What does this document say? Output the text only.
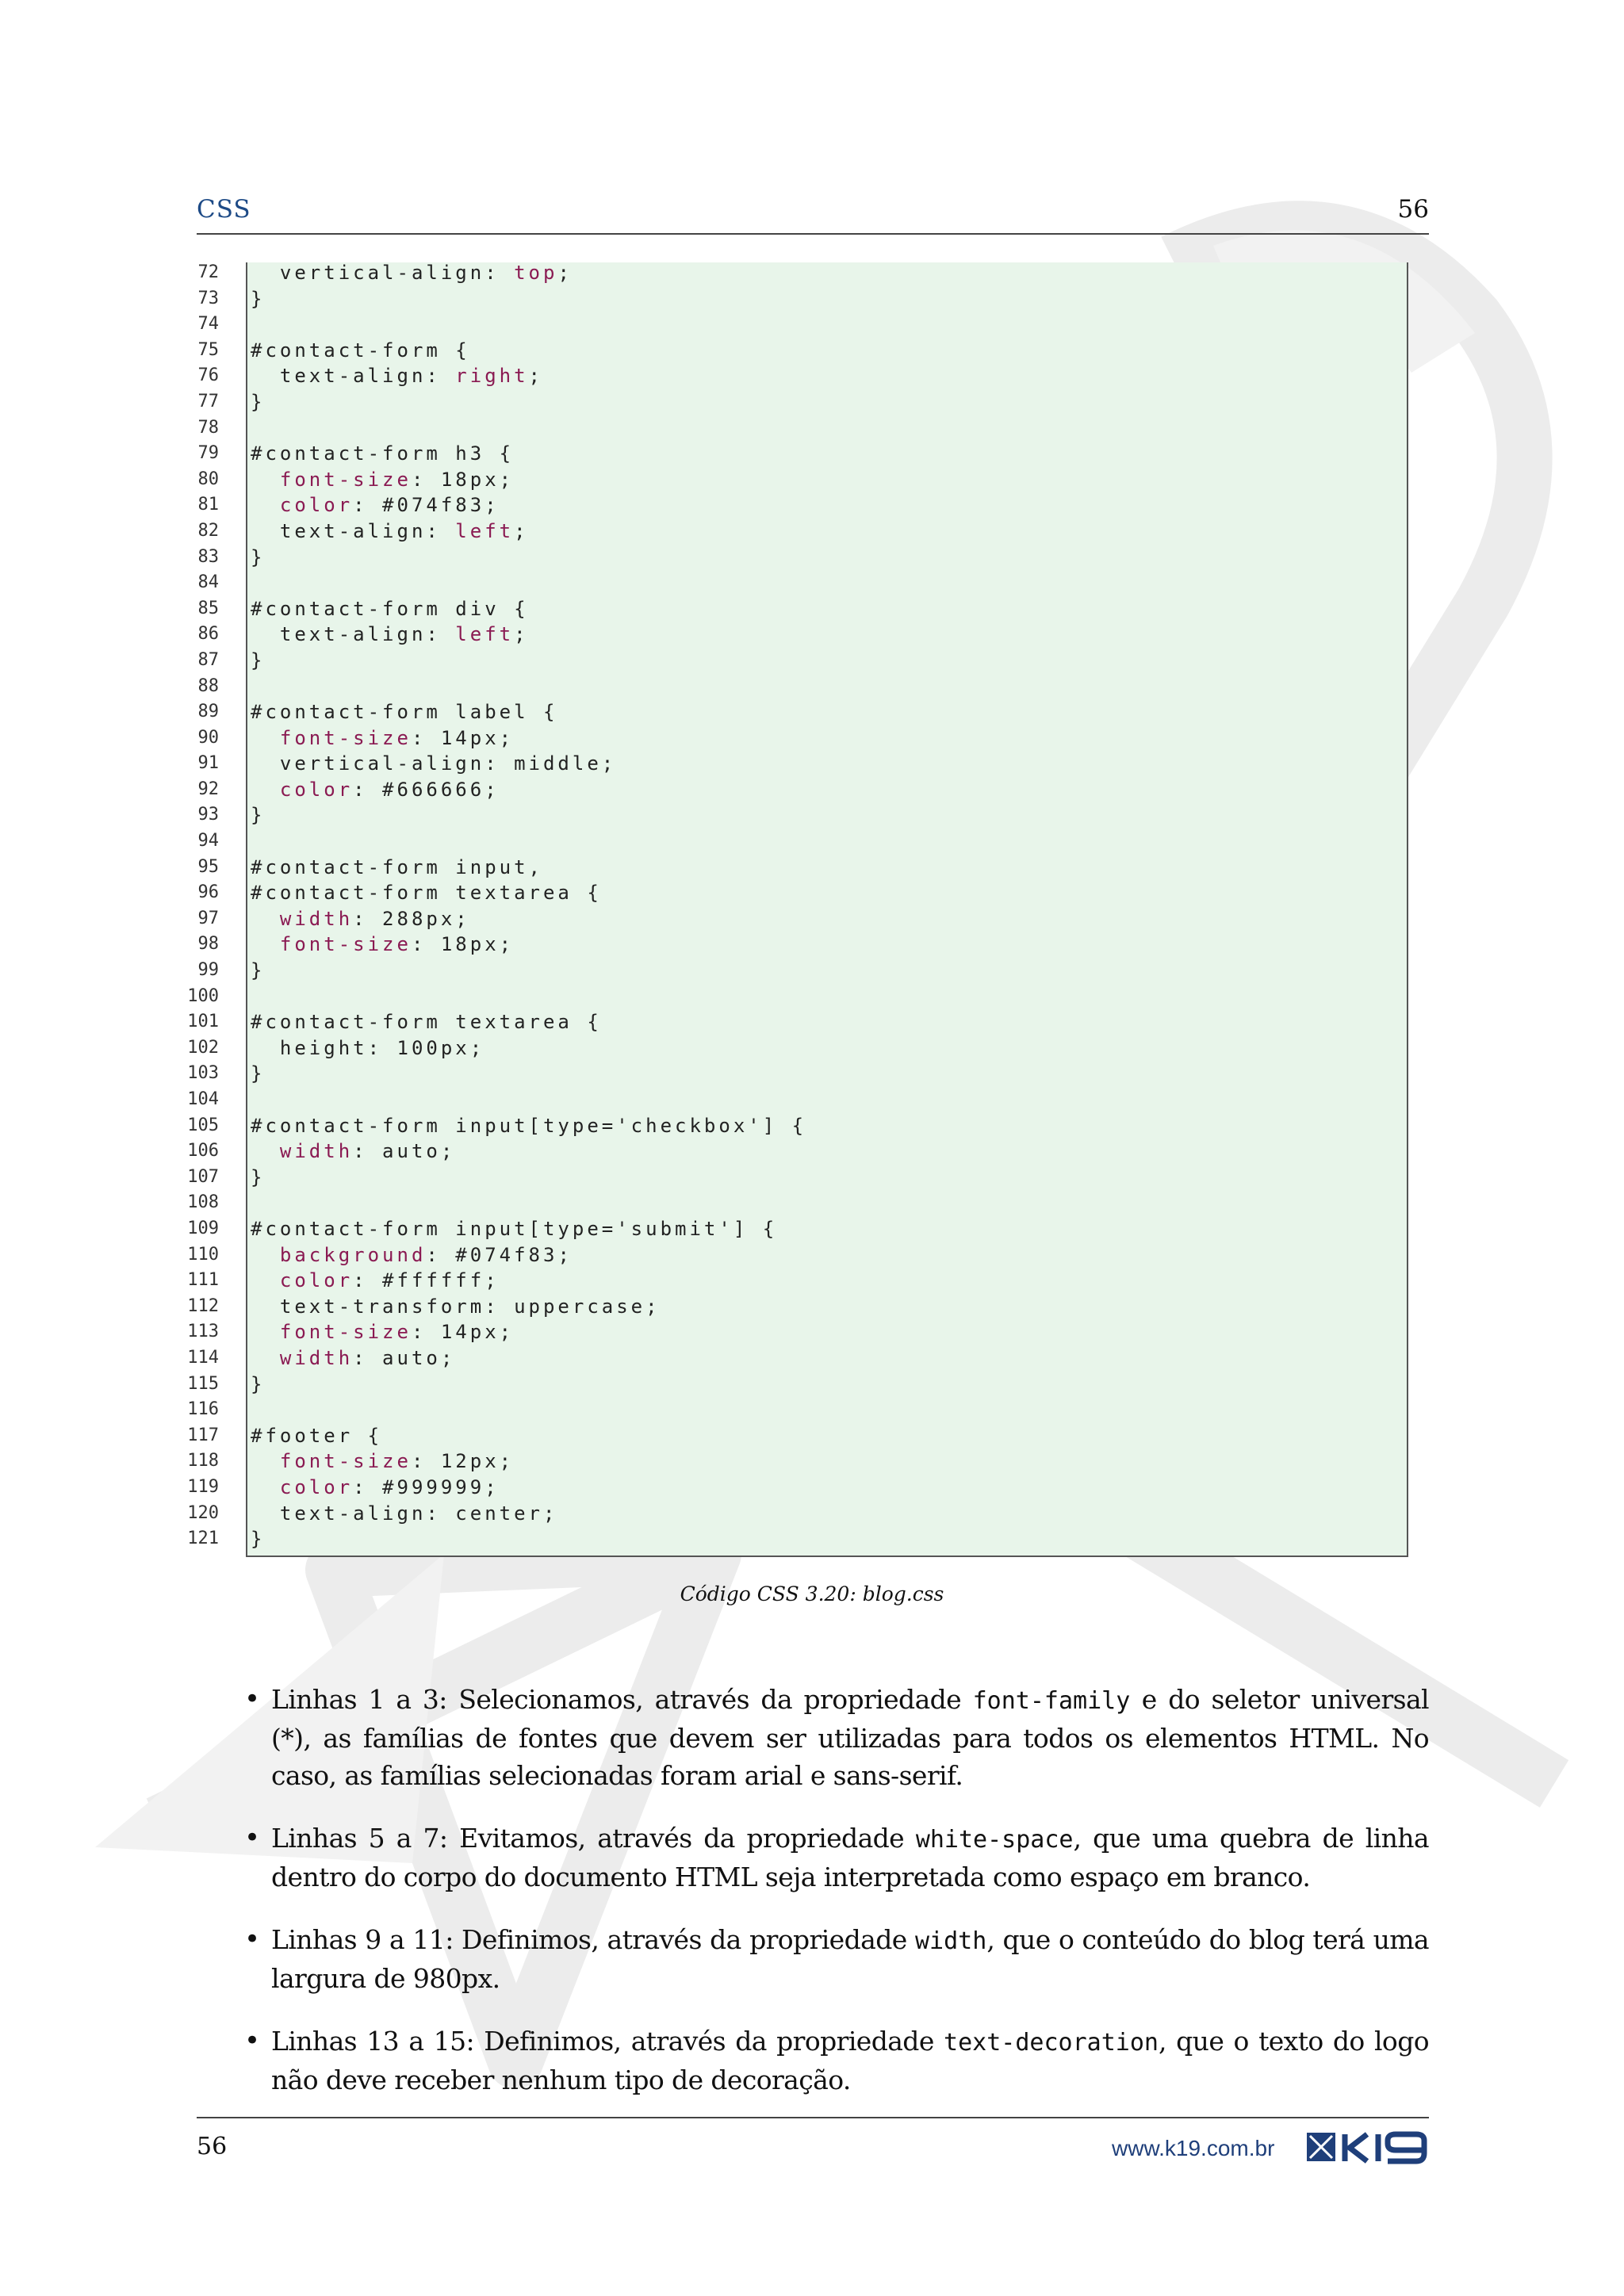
CSS	56
72
73
74
75
76
77
78
79
80
81
82
83
84
85
86
87
88
89
90
91
92
93
94
95
96
97
98
99
100
101
102
103
104
105
106
107
108
109
110
111
112
113
114
115
116
117
118
119
120
121
vertical-align: top;
}
#contact-form {
text-align: right;
}
#contact-form h3 {
font-size: 18px;
color: #074f83;
text-align: left;
}
#contact-form div {
text-align: left;
}
#contact-form label {
font-size: 14px;
vertical-align: middle;
color: #666666;
}
#contact-form input,
#contact-form textarea {
width: 288px;
font-size: 18px;
}
#contact-form textarea {
height: 100px;
}
#contact-form input[type='checkbox'] {
width: auto;
}
#contact-form input[type='submit'] {
background: #074f83;
color: #ffffff;
text-transform: uppercase;
font-size: 14px;
width: auto;
}
#footer {
font-size: 12px;
color: #999999;
text-align: center;
}
Código CSS 3.20: blog.css
• Linhas 1 a 3: Selecionamos, através da propriedade font-family e do seletor universal (*), as famílias de fontes que devem ser utilizadas para todos os elementos HTML. No caso, as famílias selecionadas foram arial e sans-serif.
• Linhas 5 a 7: Evitamos, através da propriedade white-space, que uma quebra de linha dentro do corpo do documento HTML seja interpretada como espaço em branco.
• Linhas 9 a 11: Definimos, através da propriedade width, que o conteúdo do blog terá uma largura de 980px.
• Linhas 13 a 15: Definimos, através da propriedade text-decoration, que o texto do logo não deve receber nenhum tipo de decoração.
56	www.k19.com.br
